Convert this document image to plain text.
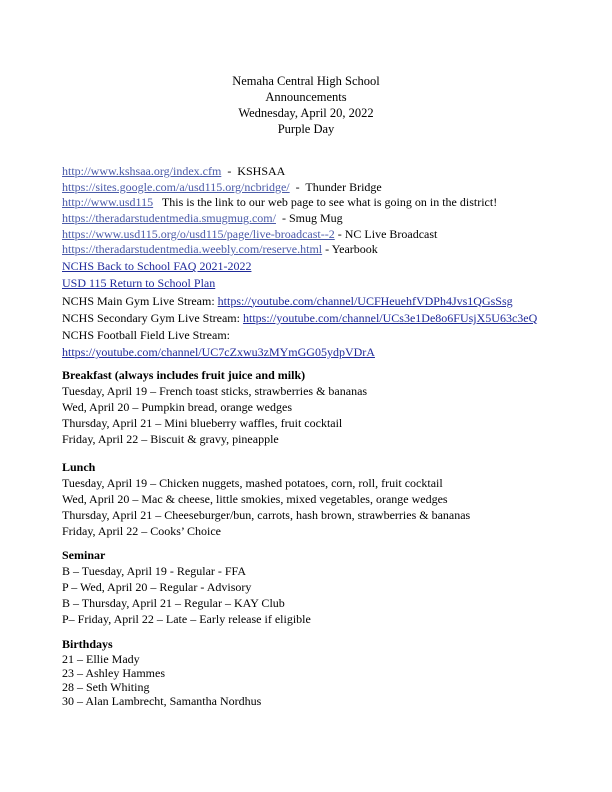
Nemaha Central High School
Announcements
Wednesday, April 20, 2022
Purple Day
http://www.kshsaa.org/index.cfm  -  KSHSAA
https://sites.google.com/a/usd115.org/ncbridge/  -  Thunder Bridge
http://www.usd115   This is the link to our web page to see what is going on in the district!
https://theradarstudentmedia.smugmug.com/  - Smug Mug
https://www.usd115.org/o/usd115/page/live-broadcast--2 - NC Live Broadcast
https://theradarstudentmedia.weebly.com/reserve.html - Yearbook
NCHS Back to School FAQ 2021-2022
USD 115 Return to School Plan
NCHS Main Gym Live Stream: https://youtube.com/channel/UCFHeuehfVDPh4Jvs1QGsSsg
NCHS Secondary Gym Live Stream: https://youtube.com/channel/UCs3e1De8o6FUsjX5U63c3eQ
NCHS Football Field Live Stream:
https://youtube.com/channel/UC7cZxwu3zMYmGG05ydpVDrA
Breakfast (always includes fruit juice and milk)
Tuesday, April 19 – French toast sticks, strawberries & bananas
Wed, April 20 – Pumpkin bread, orange wedges
Thursday, April 21 – Mini blueberry waffles, fruit cocktail
Friday, April 22 – Biscuit & gravy, pineapple
Lunch
Tuesday, April 19 – Chicken nuggets, mashed potatoes, corn, roll, fruit cocktail
Wed, April 20 – Mac & cheese, little smokies, mixed vegetables, orange wedges
Thursday, April 21 – Cheeseburger/bun, carrots, hash brown, strawberries & bananas
Friday, April 22 – Cooks’ Choice
Seminar
B – Tuesday, April 19 - Regular - FFA
P – Wed, April 20 – Regular - Advisory
B – Thursday, April 21 – Regular – KAY Club
P– Friday, April 22 – Late – Early release if eligible
Birthdays
21 – Ellie Mady
23 – Ashley Hammes
28 – Seth Whiting
30 – Alan Lambrecht, Samantha Nordhus
